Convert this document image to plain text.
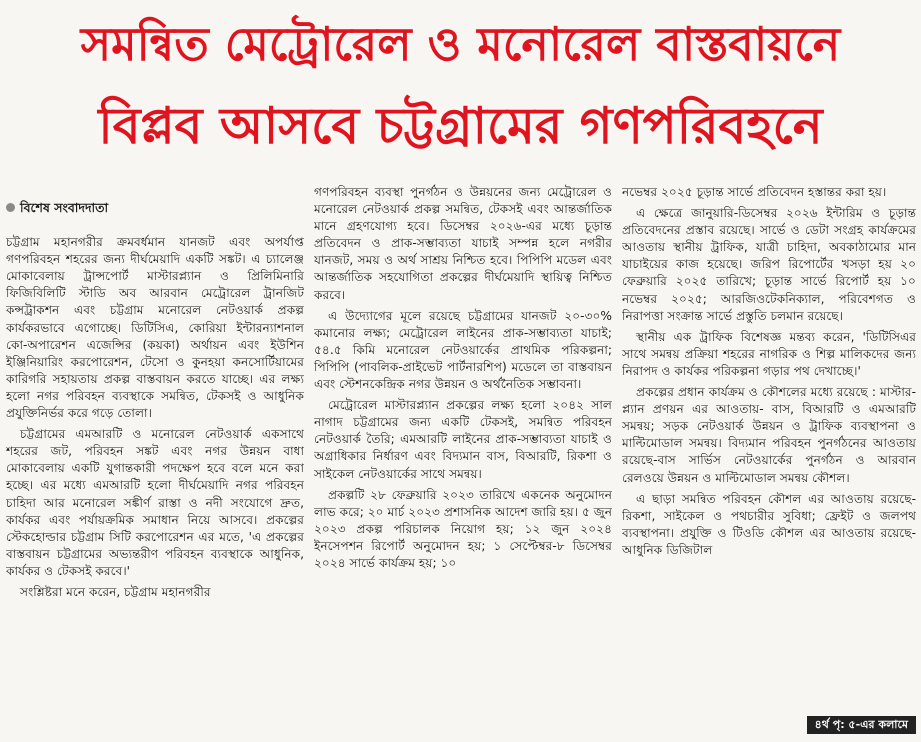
সমন্বিত মেট্রোরেল ও মনোরেল বাস্তবায়নে
বিপ্লব আসবে চট্টগ্রামের গণপরিবহনে
বিশেষ সংবাদদাতা

চট্টগ্রাম মহানগরীর ক্রমবর্ধমান যানজট এবং অপর্যাপ্ত গণপরিবহন শহরের জন্য দীর্ঘমেয়াদি একটি সঙ্কট। এ চ্যালেঞ্জ মোকাবেলায় ট্রান্সপোর্ট মাস্টারপ্ল্যান ও প্রিলিমিনারি ফিজিবিলিটি স্টাডি অব আরবান মেট্রোরেল ট্রানজিট কন্সট্রাকশন এবং চট্টগ্রাম মনোরেল নেটওয়ার্ক প্রকল্প কার্যকরভাবে এগোচ্ছে। ডিটিসিএ, কোরিয়া ইন্টারন্যাশনাল কো-অপারেশন এজেন্সির (কয়কা) অর্থায়ন এবং ইউশিন ইঞ্জিনিয়ারিং করপোরেশন, টেসো ও কুনহয়া কনসোর্টিয়ামের কারিগরি সহায়তায় প্রকল্প বাস্তবায়ন করতে যাচ্ছে। এর লক্ষ্য হলো নগর পরিবহন ব্যবস্থাকে সমন্বিত, টেকসই ও আধুনিক প্রযুক্তিনির্ভর করে গড়ে তোলা।

চট্টগ্রামের এমআরটি ও মনোরেল নেটওয়ার্ক একসাথে শহরের জট, পরিবহন সঙ্কট এবং নগর উন্নয়ন বাধা মোকাবেলায় একটি যুগান্তকারী পদক্ষেপ হবে বলে মনে করা হচ্ছে। এর মধ্যে এমআরটি হলো দীর্ঘমেয়াদি নগর পরিবহন চাহিদা আর মনোরেল সঙ্কীর্ণ রাস্তা ও নদী সংযোগে দ্রুত, কার্যকর এবং পর্যায়ক্রমিক সমাধান নিয়ে আসবে। প্রকল্পের স্টেকহোল্ডার চট্টগ্রাম সিটি করপোরেশন এর মতে, 'এ প্রকল্পের বাস্তবায়ন চট্টগ্রামের অভ্যন্তরীণ পরিবহন ব্যবস্থাকে আধুনিক, কার্যকর ও টেকসই করবে।'

সংশ্লিষ্টরা মনে করেন, চট্টগ্রাম মহানগরীর

গণপরিবহন ব্যবস্থা পুনর্গঠন ও উন্নয়নের জন্য মেট্রোরেল ও মনোরেল নেটওয়ার্ক প্রকল্প সমন্বিত, টেকসই এবং আন্তর্জাতিক মানে গ্রহণযোগ্য হবে। ডিসেম্বর ২০২৬-এর মধ্যে চূড়ান্ত প্রতিবেদন ও প্রাক-সম্ভাব্যতা যাচাই সম্পন্ন হলে নগরীর যানজট, সময় ও অর্থ সাশ্রয় নিশ্চিত হবে। পিপিপি মডেল এবং আন্তর্জাতিক সহযোগিতা প্রকল্পের দীর্ঘমেয়াদি স্থায়িত্ব নিশ্চিত করবে।

এ উদ্যোগের মূলে রয়েছে চট্টগ্রামের যানজট ২০-৩০% কমানোর লক্ষ্য; মেট্রোরেল লাইনের প্রাক-সম্ভাব্যতা যাচাই; ৫৪.৫ কিমি মনোরেল নেটওয়ার্কের প্রাথমিক পরিকল্পনা; পিপিপি (পাবলিক-প্রাইভেট পার্টনারশিপ) মডেলে তা বাস্তবায়ন এবং স্টেশনকেন্দ্রিক নগর উন্নয়ন ও অর্থনৈতিক সম্ভাবনা।

মেট্রোরেল মাস্টারপ্ল্যান প্রকল্পের লক্ষ্য হলো ২০৪২ সাল নাগাদ চট্টগ্রামের জন্য একটি টেকসই, সমন্বিত পরিবহন নেটওয়ার্ক তৈরি; এমআরটি লাইনের প্রাক-সম্ভাব্যতা যাচাই ও অগ্রাধিকার নির্ধারণ এবং বিদ্যমান বাস, বিআরটি, রিকশা ও সাইকেল নেটওয়ার্কের সাথে সমন্বয়।

প্রকল্পটি ২৮ ফেব্রুয়ারি ২০২৩ তারিখে একনেক অনুমোদন লাভ করে; ২০ মার্চ ২০২৩ প্রশাসনিক আদেশ জারি হয়। ৫ জুন ২০২৩ প্রকল্প পরিচালক নিয়োগ হয়; ১২ জুন ২০২৪ ইনসেপশন রিপোর্ট অনুমোদন হয়; ১ সেপ্টেম্বর-৮ ডিসেম্বর ২০২৪ সার্ভে কার্যক্রম হয়; ১০

নভেম্বর ২০২৫ চূড়ান্ত সার্ভে প্রতিবেদন হস্তান্তর করা হয়।

এ ক্ষেত্রে জানুয়ারি-ডিসেম্বর ২০২৬ ইন্টারিম ও চূড়ান্ত প্রতিবেদনের প্রস্তাব রয়েছে। সার্ভে ও ডেটা সংগ্রহ কার্যক্রমের আওতায় স্থানীয় ট্রাফিক, যাত্রী চাহিদা, অবকাঠামোর মান যাচাইয়ের কাজ হয়েছে। জরিপ রিপোর্টের খসড়া হয় ২০ ফেব্রুয়ারি ২০২৫ তারিখে; চূড়ান্ত সার্ভে রিপোর্ট হয় ১০ নভেম্বর ২০২৫; আরজিওটেকনিক্যাল, পরিবেশগত ও নিরাপত্তা সংক্রান্ত সার্ভে প্রস্তুতি চলমান রয়েছে।

স্থানীয় এক ট্রাফিক বিশেষজ্ঞ মন্তব্য করেন, 'ডিটিসিএর সাথে সমন্বয় প্রক্রিয়া শহরের নাগরিক ও শিল্প মালিকদের জন্য নিরাপদ ও কার্যকর পরিকল্পনা গড়ার পথ দেখাচ্ছে।'

প্রকল্পের প্রধান কার্যক্রম ও কৌশলের মধ্যে রয়েছে : মাস্টার-প্ল্যান প্রণয়ন এর আওতায়- বাস, বিআরটি ও এমআরটি সমন্বয়; সড়ক নেটওয়ার্ক উন্নয়ন ও ট্রাফিক ব্যবস্থাপনা ও মাল্টিমোডাল সমন্বয়। বিদ্যমান পরিবহন পুনর্গঠনের আওতায় রয়েছে-বাস সার্ভিস নেটওয়ার্কের পুনর্গঠন ও আরবান রেলওয়ে উন্নয়ন ও মাল্টিমোডাল সমন্বয় কৌশল।

এ ছাড়া সমন্বিত পরিবহন কৌশল এর আওতায় রয়েছে- রিকশা, সাইকেল ও পথচারীর সুবিধা; ফ্রেইট ও জলপথ ব্যবস্থাপনা। প্রযুক্তি ও টিওডি কৌশল এর আওতায় রয়েছে- আধুনিক ডিজিটাল

৪র্থ পৃ: ৫-এর কলামে
